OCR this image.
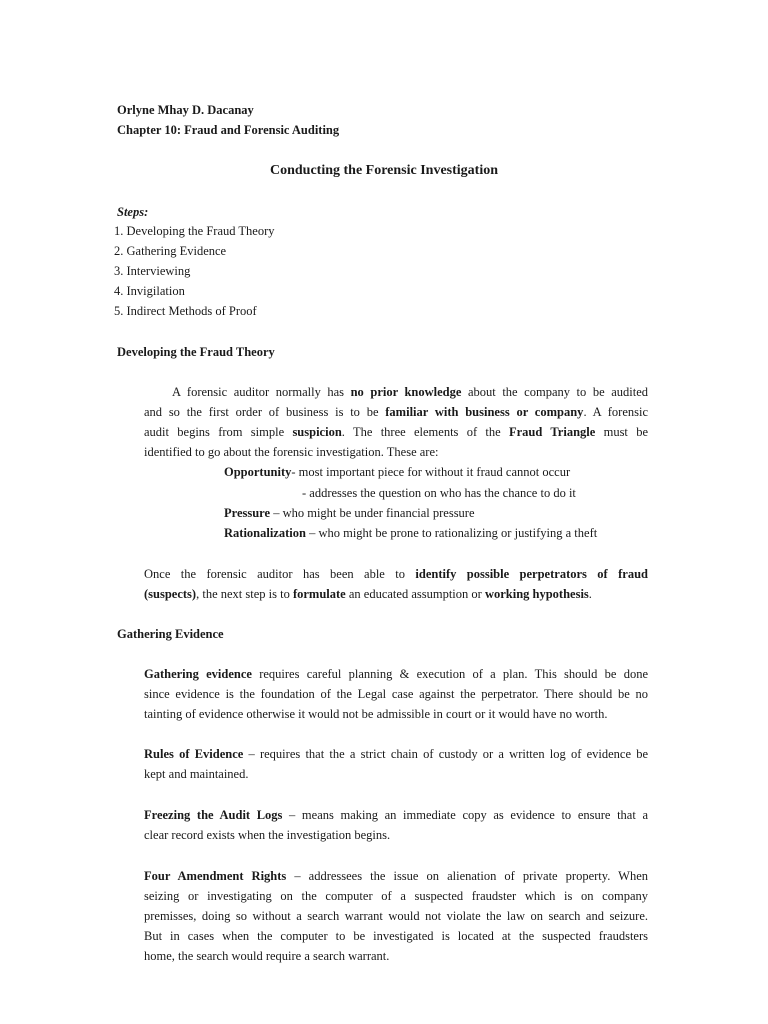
Orlyne Mhay D. Dacanay
Chapter 10: Fraud and Forensic Auditing
Conducting the Forensic Investigation
Steps:
1. Developing the Fraud Theory
2. Gathering Evidence
3. Interviewing
4. Invigilation
5. Indirect Methods of Proof
Developing the Fraud Theory
A forensic auditor normally has no prior knowledge about the company to be audited
and so the first order of business is to be familiar with business or company. A forensic
audit begins from simple suspicion. The three elements of the Fraud Triangle must be
identified to go about the forensic investigation. These are:
Opportunity- most important piece for without it fraud cannot occur
- addresses the question on who has the chance to do it
Pressure – who might be under financial pressure
Rationalization – who might be prone to rationalizing or justifying a theft
Once the forensic auditor has been able to identify possible perpetrators of fraud
(suspects), the next step is to formulate an educated assumption or working hypothesis.
Gathering Evidence
Gathering evidence requires careful planning & execution of a plan. This should be done
since evidence is the foundation of the Legal case against the perpetrator. There should be no
tainting of evidence otherwise it would not be admissible in court or it would have no worth.
Rules of Evidence – requires that the a strict chain of custody or a written log of evidence be
kept and maintained.
Freezing the Audit Logs – means making an immediate copy as evidence to ensure that a
clear record exists when the investigation begins.
Four Amendment Rights – addressees the issue on alienation of private property. When
seizing or investigating on the computer of a suspected fraudster which is on company
premisses, doing so without a search warrant would not violate the law on search and seizure.
But in cases when the computer to be investigated is located at the suspected fraudsters
home, the search would require a search warrant.
